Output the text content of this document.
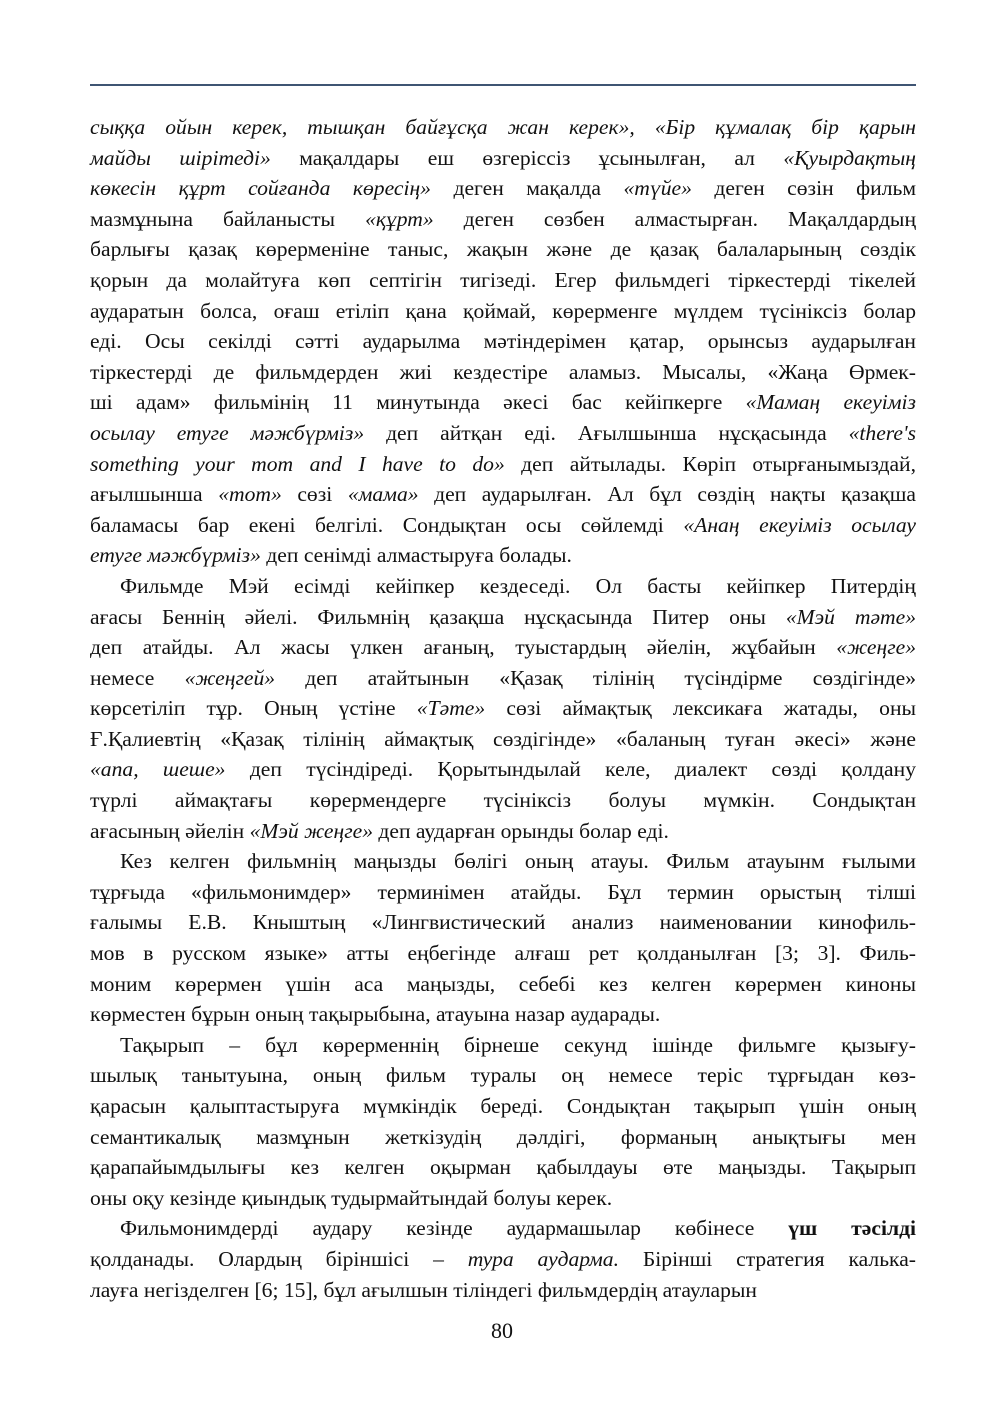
сыққа ойын керек, тышқан байғұсқа жан керек», «Бір құмалақ бір қарын
майды шірітеді» мақалдары еш өзгеріссіз ұсынылған, ал «Қуырдақтың
көкесін құрт сойғанда көресің» деген мақалда «түйе» деген сөзін фильм
мазмұнына байланысты «құрт» деген сөзбен алмастырған. Мақалдардың
барлығы қазақ көрерменіне таныс, жақын және де қазақ балаларының сөздік
қорын да молайтуға көп септігін тигізеді. Егер фильмдегі тіркестерді тікелей
аударатын болса, оғаш етіліп қана қоймай, көрерменге мүлдем түсініксіз болар
еді. Осы секілді сәтті аударылма мәтіндерімен қатар, орынсыз аударылған
тіркестерді де фильмдерден жиі кездестіре аламыз. Мысалы, «Жаңа Өрмек-
ші адам» фильмінің 11 минутында әкесі бас кейіпкерге «Мамаң екеуіміз
осылау етуге мәжбүрміз» деп айтқан еді. Ағылшынша нұсқасында «there's
something your mom and I have to do» деп айтылады. Көріп отырғанымыздай,
ағылшынша «mom» сөзі «мама» деп аударылған. Ал бұл сөздің нақты қазақша
баламасы бар екені белгілі. Сондықтан осы сөйлемді «Анаң екеуіміз осылау
етуге мәжбүрміз» деп сенімді алмастыруға болады.
Фильмде Мэй есімді кейіпкер кездеседі. Ол басты кейіпкер Питердің
ағасы Беннің әйелі. Фильмнің қазақша нұсқасында Питер оны «Мэй тәте»
деп атайды. Ал жасы үлкен ағаның, туыстардың әйелін, жұбайын «жеңге»
немесе «жеңгей» деп атайтынын «Қазақ тілінің түсіндірме сөздігінде»
көрсетіліп тұр. Оның үстіне «Тәте» сөзі аймақтық лексикаға жатады, оны
Ғ.Қалиевтің «Қазақ тілінің аймақтық сөздігінде» «баланың туған әкесі» және
«апа, шеше» деп түсіндіреді. Қорытындылай келе, диалект сөзді қолдану
түрлі аймақтағы көрермендерге түсініксіз болуы мүмкін. Сондықтан
ағасының әйелін «Мэй жеңге» деп аударған орынды болар еді.
Кез келген фильмнің маңызды бөлігі оның атауы. Фильм атауынм ғылыми
тұрғыда «фильмонимдер» терминімен атайды. Бұл термин орыстың тілші
ғалымы Е.В. Кныштың «Лингвистический анализ наименовании кинофиль-
мов в русском языке» атты еңбегінде алғаш рет қолданылған [3; 3]. Филь-
моним көрермен үшін аса маңызды, себебі кез келген көрермен киноны
көрместен бұрын оның тақырыбына, атауына назар аударады.
Тақырып – бұл көрерменнің бірнеше секунд ішінде фильмге қызығу-
шылық танытуына, оның фильм туралы оң немесе теріс тұрғыдан көз-
қарасын қалыптастыруға мүмкіндік береді. Сондықтан тақырып үшін оның
семантикалық мазмұнын жеткізудің дәлдігі, форманың анықтығы мен
қарапайымдылығы кез келген оқырман қабылдауы өте маңызды. Тақырып
оны оқу кезінде қиындық тудырмайтындай болуы керек.
Фильмонимдерді аудару кезінде аудармашылар көбінесе үш тәсілді
қолданады. Олардың біріншісі – тура аударма. Бірінші стратегия калька-
лауға негізделген [6; 15], бұл ағылшын тіліндегі фильмдердің атауларын
80
